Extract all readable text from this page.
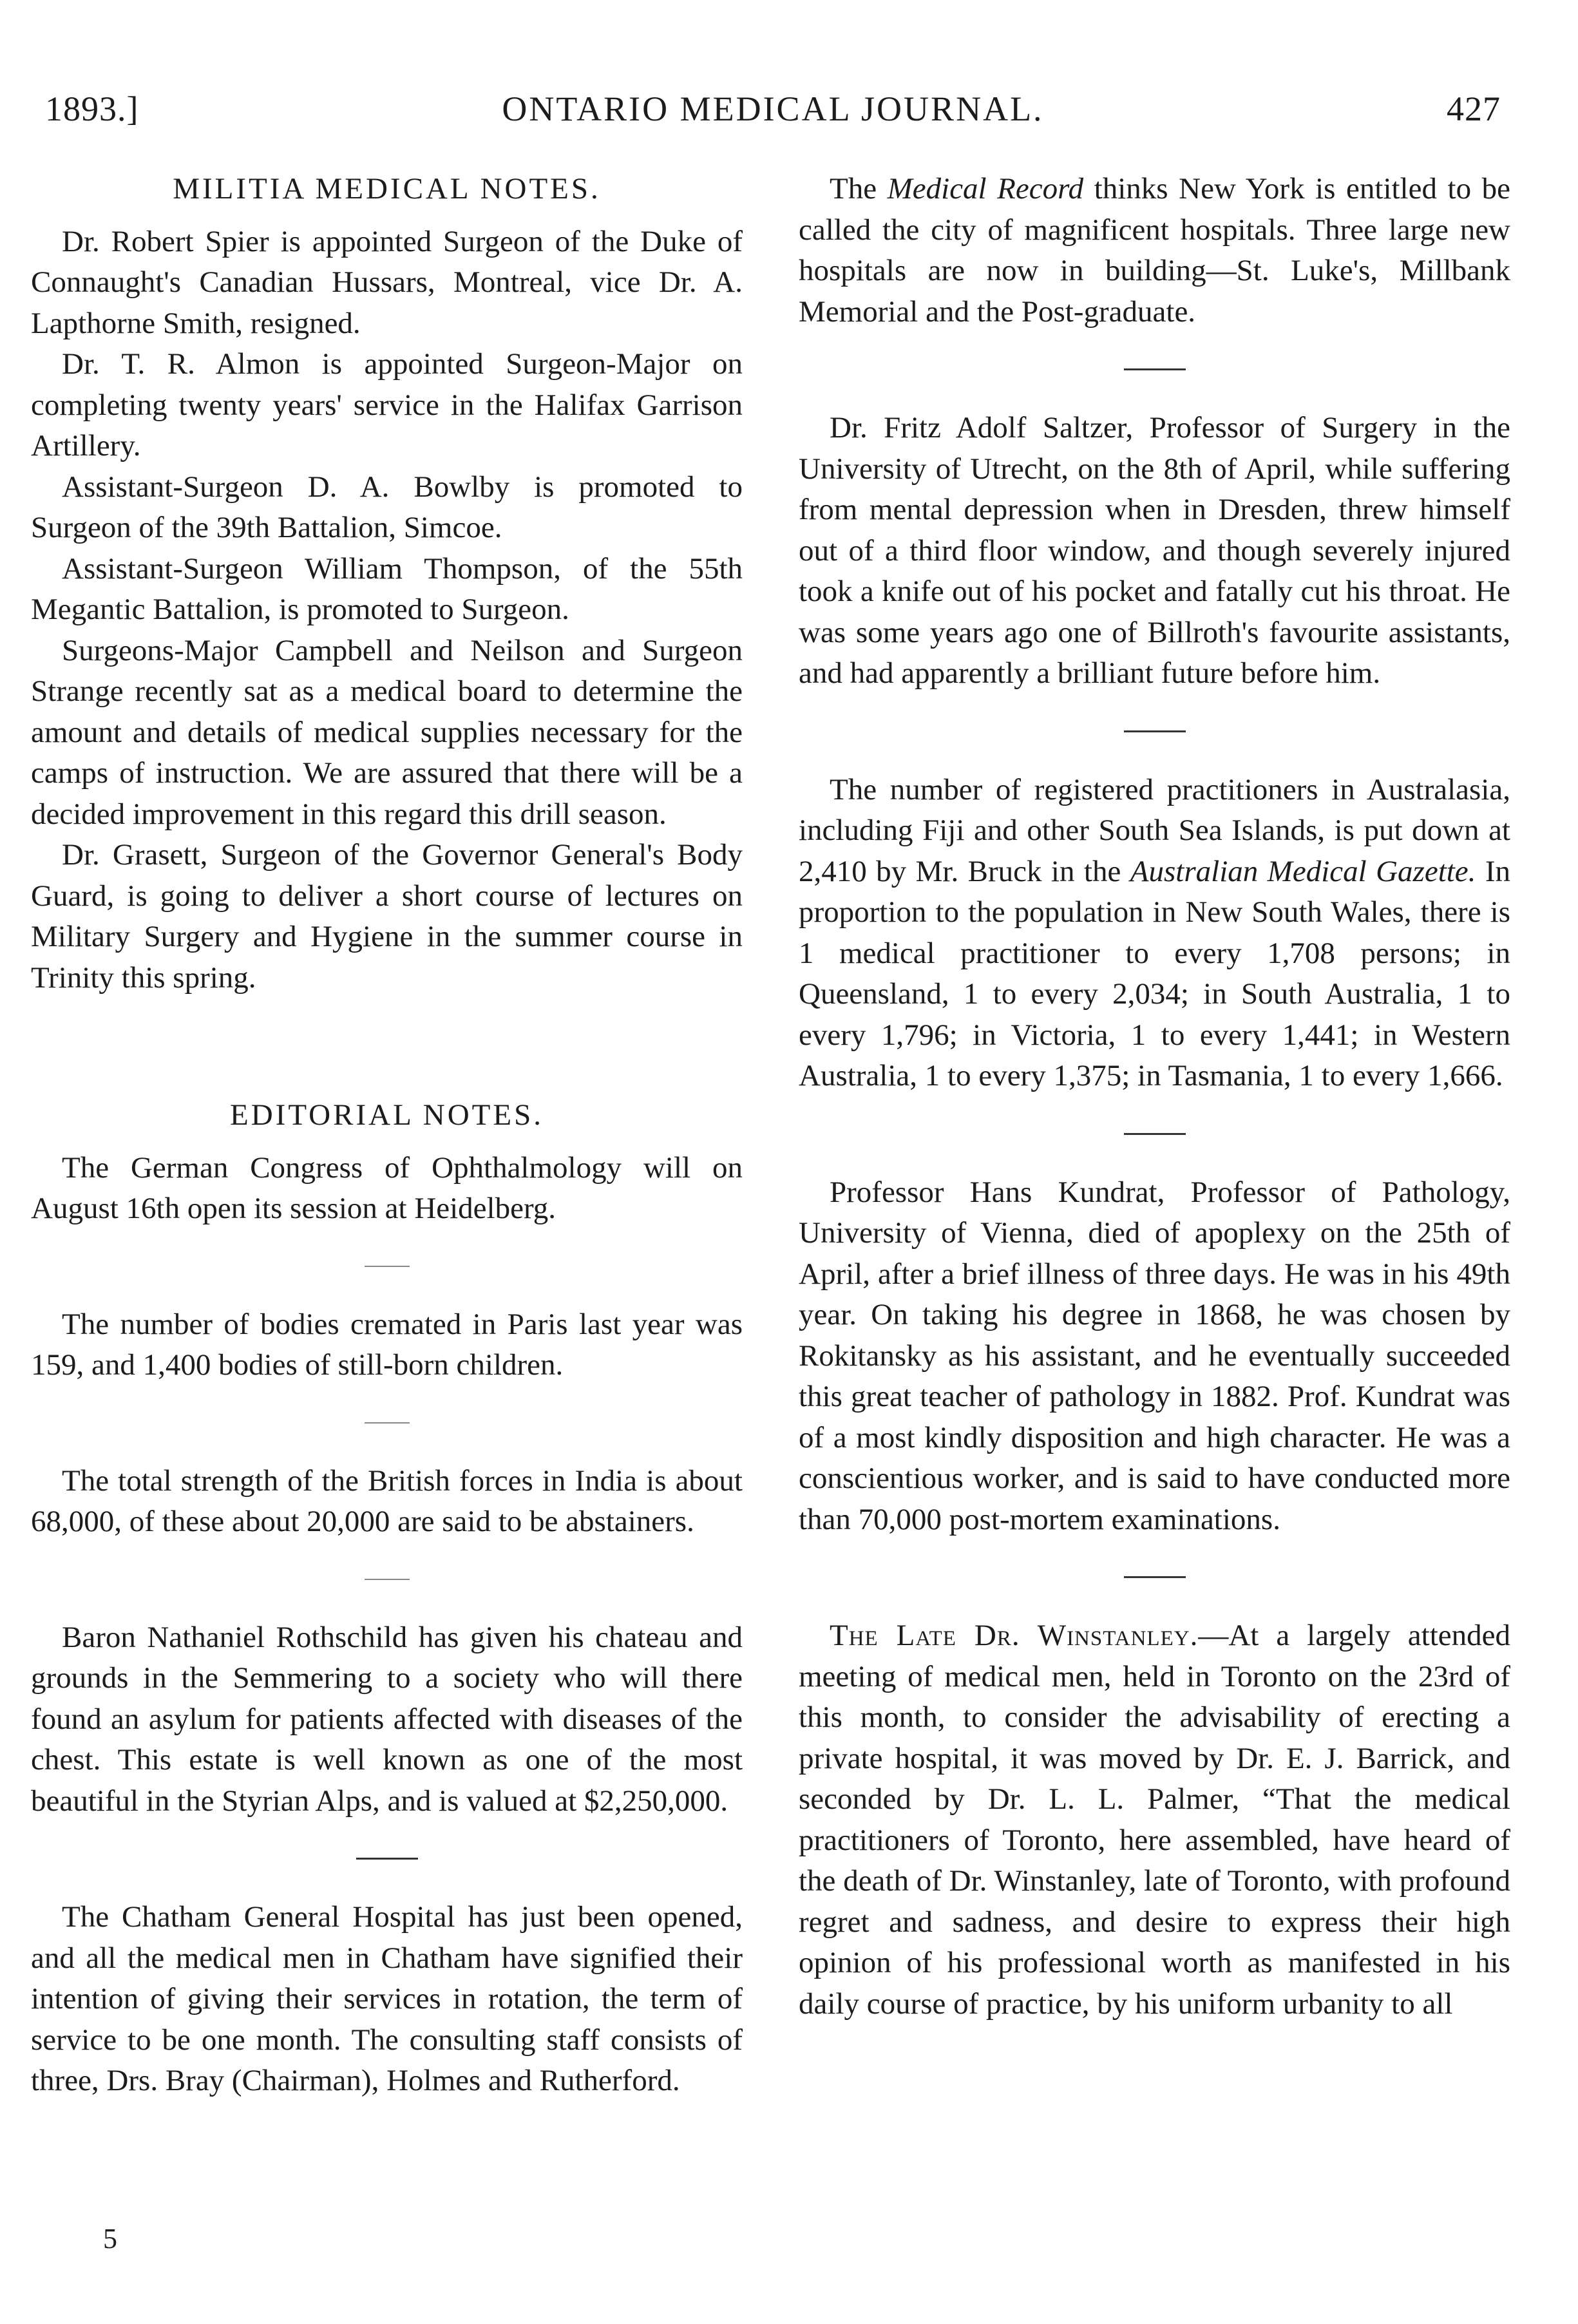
1893.]	ONTARIO MEDICAL JOURNAL.	427
MILITIA MEDICAL NOTES.

Dr. Robert Spier is appointed Surgeon of the Duke of Connaught's Canadian Hussars, Montreal, vice Dr. A. Lapthorne Smith, resigned.

Dr. T. R. Almon is appointed Surgeon-Major on completing twenty years' service in the Halifax Garrison Artillery.

Assistant-Surgeon D. A. Bowlby is promoted to Surgeon of the 39th Battalion, Simcoe.

Assistant-Surgeon William Thompson, of the 55th Megantic Battalion, is promoted to Surgeon.

Surgeons-Major Campbell and Neilson and Surgeon Strange recently sat as a medical board to determine the amount and details of medical supplies necessary for the camps of instruction. We are assured that there will be a decided improvement in this regard this drill season.

Dr. Grasett, Surgeon of the Governor General's Body Guard, is going to deliver a short course of lectures on Military Surgery and Hygiene in the summer course in Trinity this spring.

EDITORIAL NOTES.

The German Congress of Ophthalmology will on August 16th open its session at Heidelberg.

The number of bodies cremated in Paris last year was 159, and 1,400 bodies of still-born children.

The total strength of the British forces in India is about 68,000, of these about 20,000 are said to be abstainers.

Baron Nathaniel Rothschild has given his chateau and grounds in the Semmering to a society who will there found an asylum for patients affected with diseases of the chest. This estate is well known as one of the most beautiful in the Styrian Alps, and is valued at $2,250,000.

The Chatham General Hospital has just been opened, and all the medical men in Chatham have signified their intention of giving their services in rotation, the term of service to be one month. The consulting staff consists of three, Drs. Bray (Chairman), Holmes and Rutherford.

The Medical Record thinks New York is entitled to be called the city of magnificent hospitals. Three large new hospitals are now in building—St. Luke's, Millbank Memorial and the Post-graduate.

Dr. Fritz Adolf Saltzer, Professor of Surgery in the University of Utrecht, on the 8th of April, while suffering from mental depression when in Dresden, threw himself out of a third floor window, and though severely injured took a knife out of his pocket and fatally cut his throat. He was some years ago one of Billroth's favourite assistants, and had apparently a brilliant future before him.

The number of registered practitioners in Australasia, including Fiji and other South Sea Islands, is put down at 2,410 by Mr. Bruck in the Australian Medical Gazette. In proportion to the population in New South Wales, there is 1 medical practitioner to every 1,708 persons; in Queensland, 1 to every 2,034; in South Australia, 1 to every 1,796; in Victoria, 1 to every 1,441; in Western Australia, 1 to every 1,375; in Tasmania, 1 to every 1,666.

Professor Hans Kundrat, Professor of Pathology, University of Vienna, died of apoplexy on the 25th of April, after a brief illness of three days. He was in his 49th year. On taking his degree in 1868, he was chosen by Rokitansky as his assistant, and he eventually succeeded this great teacher of pathology in 1882. Prof. Kundrat was of a most kindly disposition and high character. He was a conscientious worker, and is said to have conducted more than 70,000 post-mortem examinations.

The Late Dr. Winstanley.—At a largely attended meeting of medical men, held in Toronto on the 23rd of this month, to consider the advisability of erecting a private hospital, it was moved by Dr. E. J. Barrick, and seconded by Dr. L. L. Palmer, “That the medical practitioners of Toronto, here assembled, have heard of the death of Dr. Winstanley, late of Toronto, with profound regret and sadness, and desire to express their high opinion of his professional worth as manifested in his daily course of practice, by his uniform urbanity to all

5
